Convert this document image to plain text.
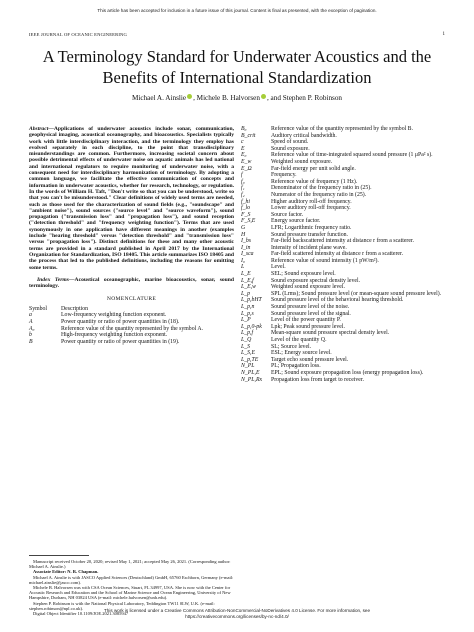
This article has been accepted for inclusion in a future issue of this journal. Content is final as presented, with the exception of pagination.
IEEE JOURNAL OF OCEANIC ENGINEERING	1
A Terminology Standard for Underwater Acoustics and the Benefits of International Standardization
Michael A. Ainslie , Michele B. Halvorsen , and Stephen P. Robinson

Abstract—Applications of underwater acoustics include sonar, communication, geophysical imaging, acoustical oceanography, and bioacoustics. Specialists typically work with little interdisciplinary interaction, and the terminology they employ has evolved separately in each discipline, to the point that transdisciplinary misunderstandings are common. Furthermore, increasing societal concern about possible detrimental effects of underwater noise on aquatic animals has led national and international regulators to require monitoring of underwater noise, with a consequent need for interdisciplinary harmonization of terminology. By adopting a common language, we facilitate the effective communication of concepts and information in underwater acoustics, whether for research, technology, or regulation. In the words of William H. Taft, "Don't write so that you can be understood, write so that you can't be misunderstood." Clear definitions of widely used terms are needed, such as those used for the characterization of sound fields (e.g., "soundscape" and "ambient noise"), sound sources ("source level" and "source waveform"), sound propagation ("transmission loss" and "propagation loss"), and sound reception ("detection threshold" and "frequency weighting function"). Terms that are used synonymously in one application have different meanings in another (examples include "hearing threshold" versus "detection threshold" and "transmission loss" versus "propagation loss"). Distinct definitions for these and many other acoustic terms are provided in a standard published in April 2017 by the International Organization for Standardization, ISO 18405. This article summarizes ISO 18405 and the process that led to the published definitions, including the reasons for omitting some terms.

Index Terms—Acoustical oceanographic, marine bioacoustics, sonar, sound terminology.

NOMENCLATURE

Symbol	Description
a	Low-frequency weighting function exponent.
A	Power quantity or ratio of power quantities in (18).
A₀	Reference value of the quantity represented by the symbol A.
b	High-frequency weighting function exponent.
B	Power quantity or ratio of power quantities in (19).

Manuscript received October 20, 2020; revised May 1, 2021; accepted May 26, 2021. (Corresponding author: Michael A. Ainslie.)

Associate Editor: N. R. Chapman.

Michael A. Ainslie is with JASCO Applied Sciences (Deutschland) GmbH, 65760 Eschborn, Germany (e-mail: michael.ainslie@jasco.com).

Michele B. Halvorsen was with CSA Ocean Sciences, Stuart, FL 34997, USA. She is now with the Center for Acoustic Research and Education and the School of Marine Science and Ocean Engineering, University of New Hampshire, Durham, NH 03824 USA (e-mail: michele.halvorsen@unh.edu).

Stephen P. Robinson is with the National Physical Laboratory, Teddington TW11 0LW, U.K. (e-mail: stephen.robinson@npl.co.uk).

Digital Object Identifier 10.1109/JOE.2021.3085947

B₀	Reference value of the quantity represented by the symbol B.
B_crit	Auditory critical bandwidth.
c	Speed of sound.
E	Sound exposure.
E₀	Reference value of time-integrated squared sound pressure (1 μPa² s).
E_w	Weighted sound exposure.
E_Ω	Far-field energy per unit solid angle.
f	Frequency.
f₀	Reference value of frequency (1 Hz).
f₁	Denominator of the frequency ratio in (25).
f₂	Numerator of the frequency ratio in (25).
f_hi	Higher auditory roll-off frequency.
f_lo	Lower auditory roll-off frequency.
F_S	Source factor.
F_S,E	Energy source factor.
G	LFR; Logarithmic frequency ratio.
H	Sound pressure transfer function.
I_bs	Far-field backscattered intensity at distance r from a scatterer.
I_in	Intensity of incident plane wave.
I_sca	Far-field scattered intensity at distance r from a scatterer.
I₀	Reference value of sound intensity (1 pW/m²).
L	Level.
L_E	SEL; Sound exposure level.
L_E,f	Sound exposure spectral density level.
L_E,w	Weighted sound exposure level.
L_p	SPL (Lrms); Sound pressure level (or mean-square sound pressure level).
L_p,bHT	Sound pressure level of the behavioral hearing threshold.
L_p,n	Sound pressure level of the noise.
L_p,s	Sound pressure level of the signal.
L_P	Level of the power quantity P.
L_p,0-pk	Lpk; Peak sound pressure level.
L_p,f	Mean-square sound pressure spectral density level.
L_Q	Level of the quantity Q.
L_S	SL; Source level.
L_S,E	ESL; Energy source level.
L_p,TE	Target echo sound pressure level.
N_PL	PL; Propagation loss.
N_PL,E	EPL; Sound exposure propagation loss (energy propagation loss).
N_PL,Rx	Propagation loss from target to receiver.
This work is licensed under a Creative Commons Attribution-NonCommercial-NoDerivatives 4.0 License. For more information, see
https://creativecommons.org/licenses/by-nc-nd/4.0/
